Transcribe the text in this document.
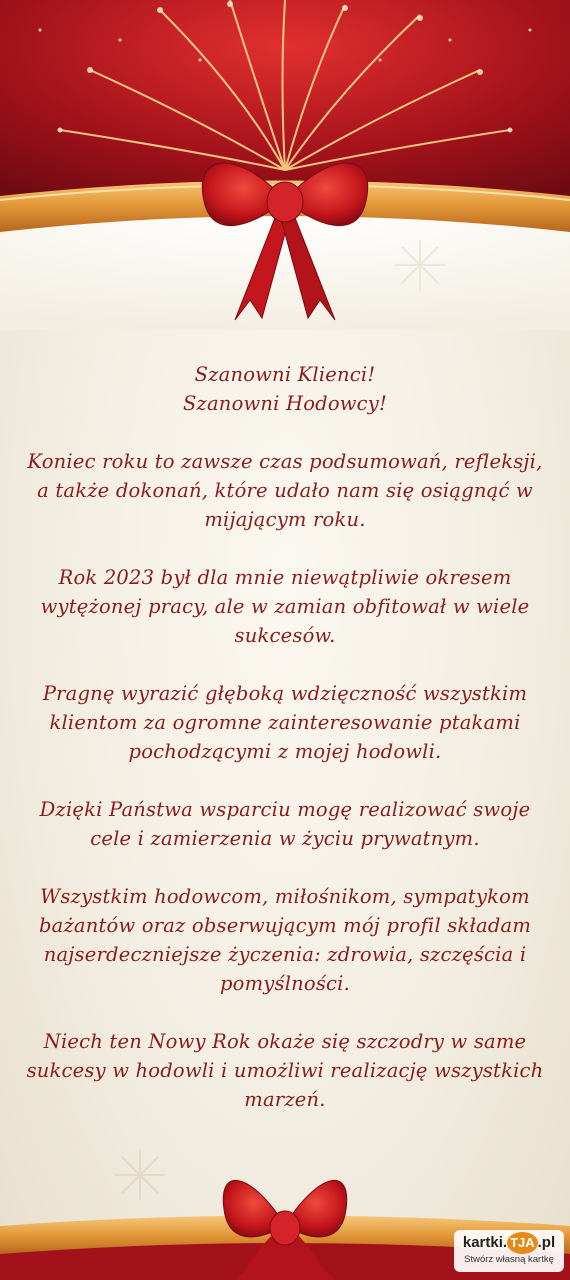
Szanowni Klienci!
Szanowni Hodowcy!

Koniec roku to zawsze czas podsumowań, refleksji, a także dokonań, które udało nam się osiągnąć w mijającym roku.

Rok 2023 był dla mnie niewątpliwie okresem wytężonej pracy, ale w zamian obfitował w wiele sukcesów.

Pragnę wyrazić głęboką wdzięczność wszystkim klientom za ogromne zainteresowanie ptakami pochodzącymi z mojej hodowli.

Dzięki Państwa wsparciu mogę realizować swoje cele i zamierzenia w życiu prywatnym.

Wszystkim hodowcom, miłośnikom, sympatykom bażantów oraz obserwującym mój profil składam najserdeczniejsze życzenia: zdrowia, szczęścia i pomyślności.

Niech ten Nowy Rok okaże się szczodry w same sukcesy w hodowli i umożliwi realizację wszystkich marzeń.

kartki. TJA .pl
Stwórz własną kartkę
